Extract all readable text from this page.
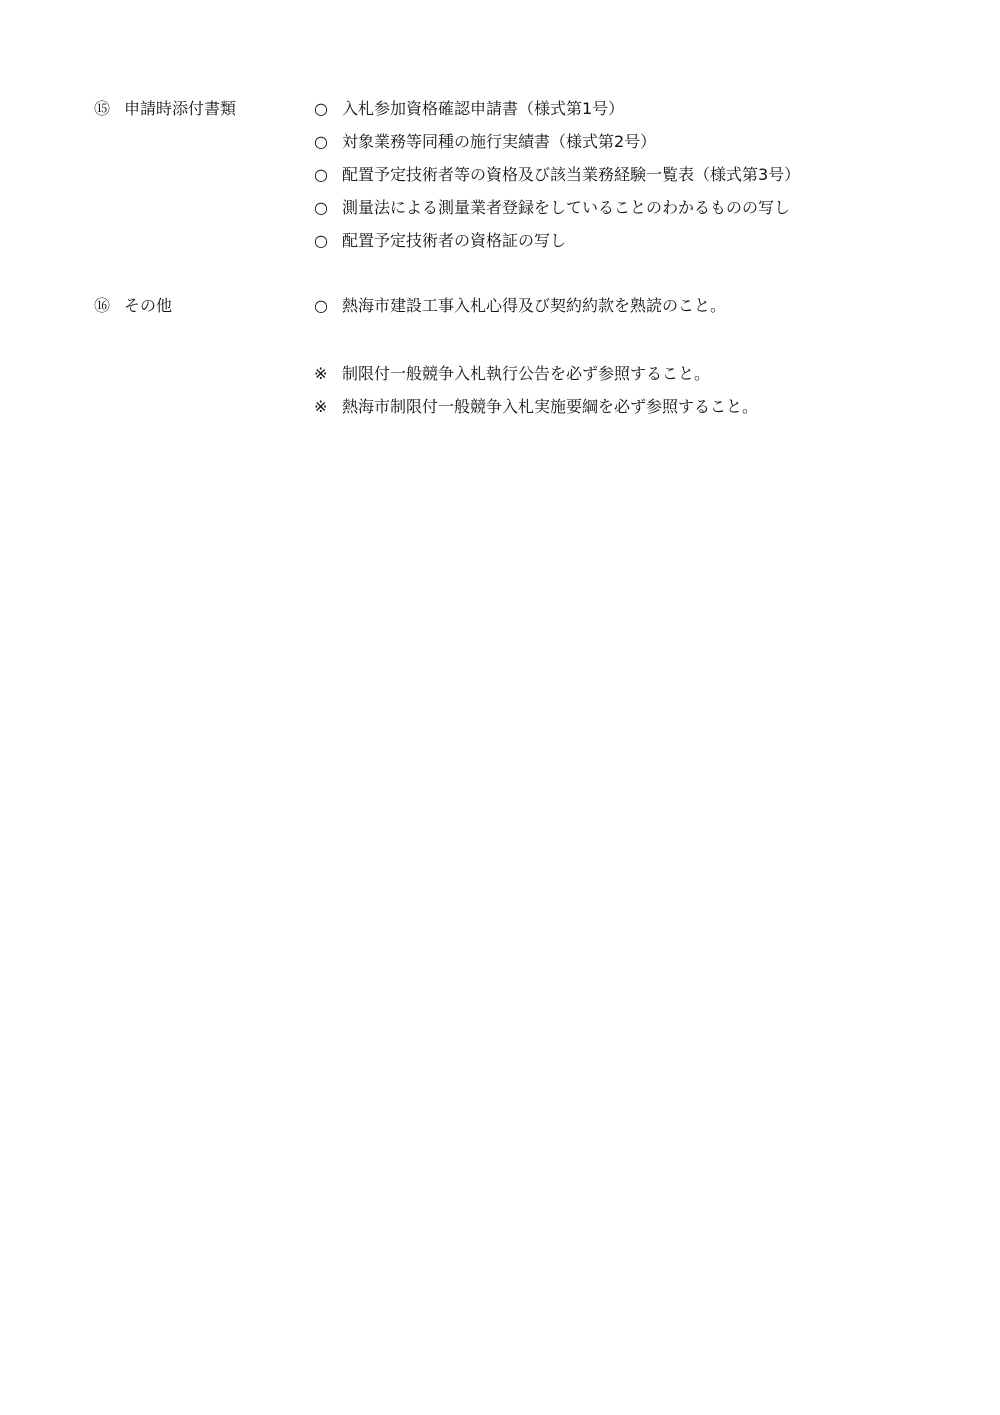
⑮ 申請時添付書類	○ 入札参加資格確認申請書（様式第1号）
○ 対象業務等同種の施行実績書（様式第2号）
○ 配置予定技術者等の資格及び該当業務経験一覧表（様式第3号）
○ 測量法による測量業者登録をしていることのわかるものの写し
○ 配置予定技術者の資格証の写し
⑯ その他	○ 熱海市建設工事入札心得及び契約約款を熟読のこと。
※ 制限付一般競争入札執行公告を必ず参照すること。
※ 熱海市制限付一般競争入札実施要綱を必ず参照すること。
